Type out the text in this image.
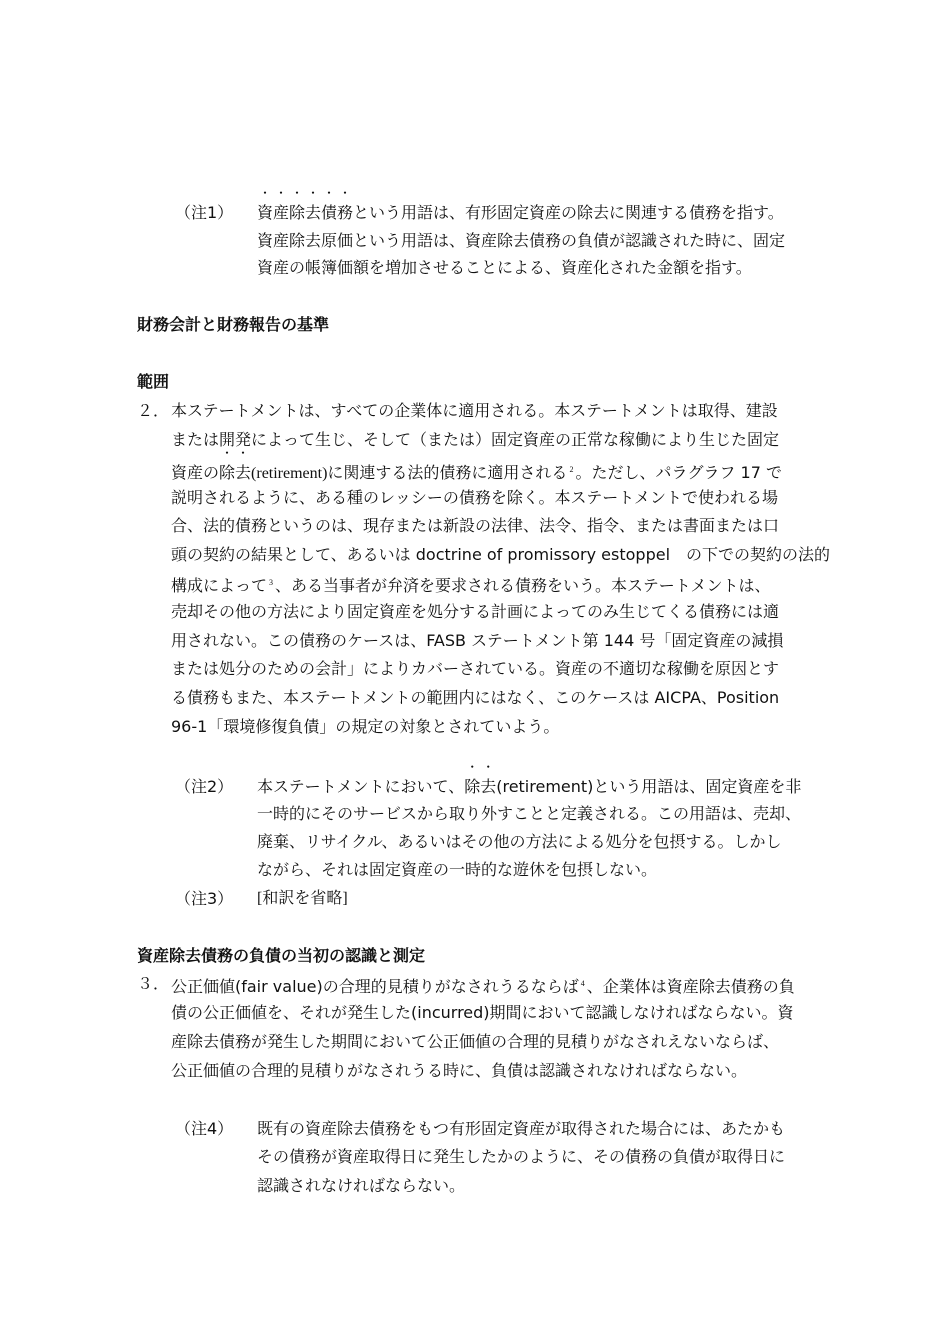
（注1）
・ ・ ・ ・ ・ ・
資産除去債務という用語は、有形固定資産の除去に関連する債務を指す。
資産除去原価という用語は、資産除去債務の負債が認識された時に、固定
資産の帳簿価額を増加させることによる、資産化された金額を指す。
財務会計と財務報告の基準
範囲
２． 本ステートメントは、すべての企業体に適用される。本ステートメントは取得、建設
または開発によって生じ、そして（または）固定資産の正常な稼働により生じた固定
資産の
・ ・
除去(retirement)に関連する法的債務に適用される $^2$ 。ただし、パラグラフ 17 で
説明されるように、ある種のレッシーの債務を除く。本ステートメントで使われる場
合、法的債務というのは、現存または新設の法律、法令、指令、または書面または口
頭の契約の結果として、あるいは doctrine of promissory estoppel　の下での契約の法的
構成によって $^3$ 、ある当事者が弁済を要求される債務をいう。本ステートメントは、
売却その他の方法により固定資産を処分する計画によってのみ生じてくる債務には適
用されない。この債務のケースは、FASB ステートメント第 144 号「固定資産の減損
または処分のための会計」によりカバーされている。資産の不適切な稼働を原因とす
る債務もまた、本ステートメントの範囲内にはなく、このケースは AICPA、Position
96-1「環境修復負債」の規定の対象とされていよう。
（注2） 本ステートメントにおいて、
・ ・
除去(retirement)という用語は、固定資産を非
一時的にそのサービスから取り外すことと定義される。この用語は、売却、
廃棄、リサイクル、あるいはその他の方法による処分を包摂する。しかし
ながら、それは固定資産の一時的な遊休を包摂しない。
（注3） [和訳を省略]
資産除去債務の負債の当初の認識と測定
３． 公正価値(fair value)の合理的見積りがなされうるならば $^4$ 、企業体は資産除去債務の負
債の公正価値を、それが発生した(incurred)期間において認識しなければならない。資
産除去債務が発生した期間において公正価値の合理的見積りがなされえないならば、
公正価値の合理的見積りがなされうる時に、負債は認識されなければならない。
（注4） 既有の資産除去債務をもつ有形固定資産が取得された場合には、あたかも
その債務が資産取得日に発生したかのように、その債務の負債が取得日に
認識されなければならない。
